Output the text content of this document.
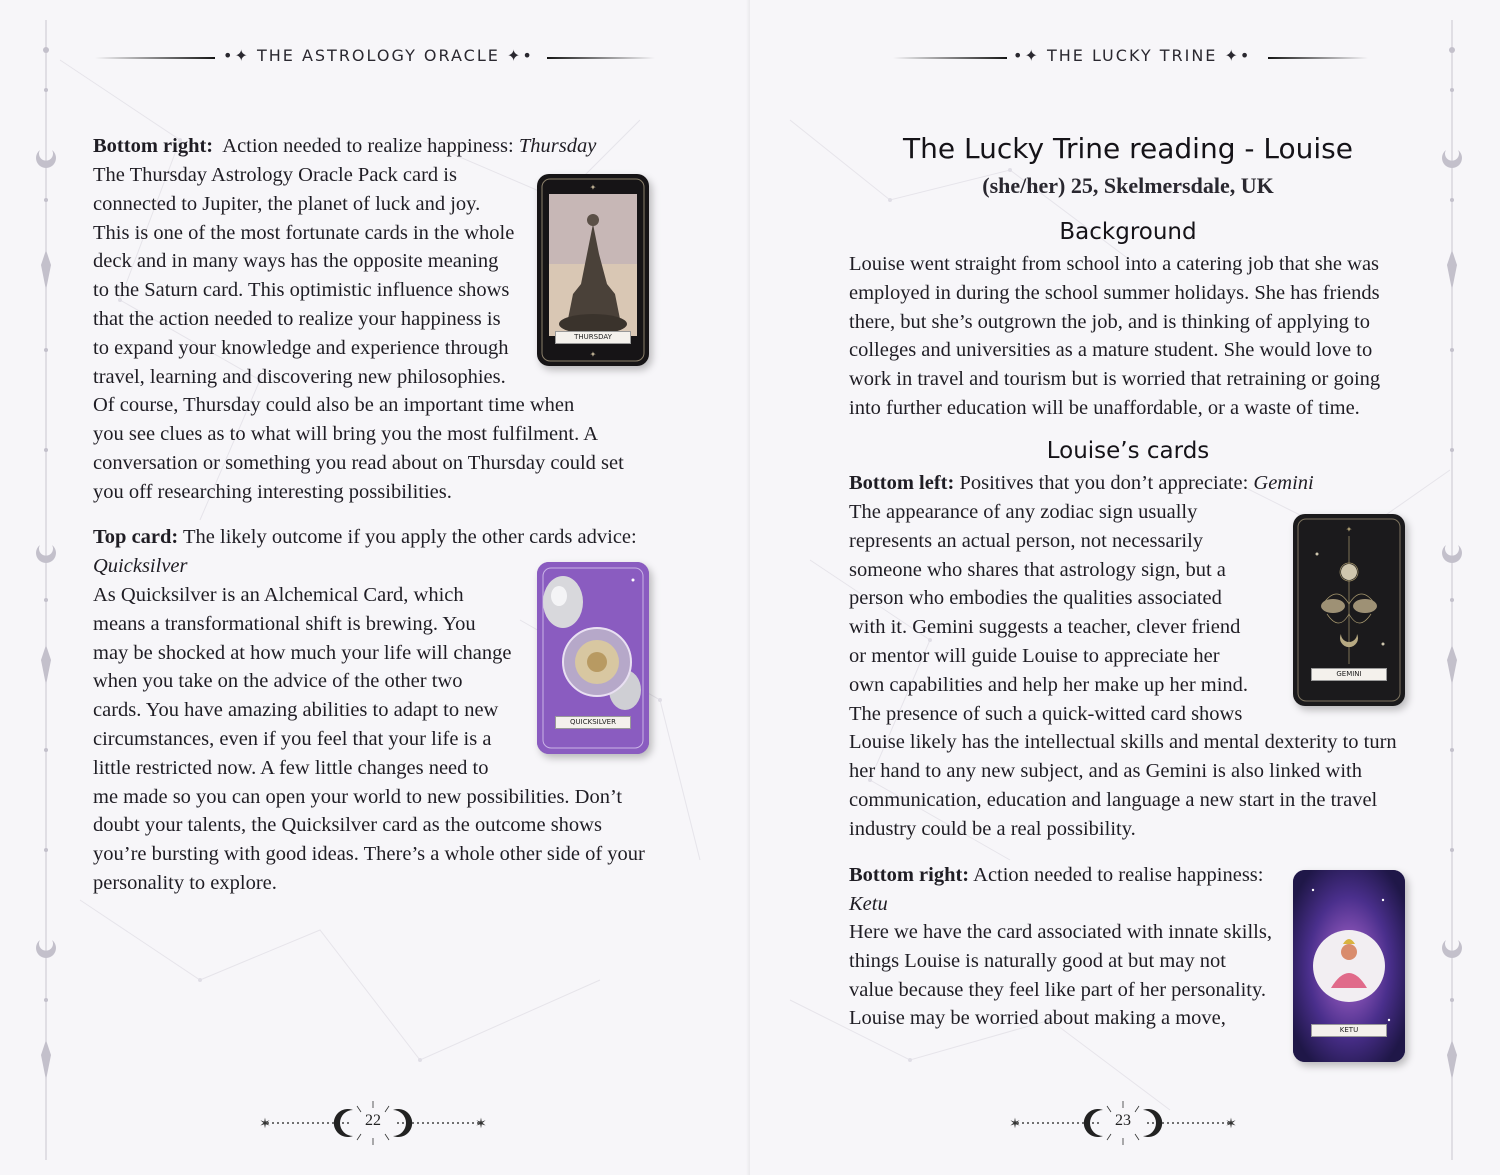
•✦ THE ASTROLOGY ORACLE ✦•
Bottom right: Action needed to realize happiness: Thursday
The Thursday Astrology Oracle Pack card is
connected to Jupiter, the planet of luck and joy.
This is one of the most fortunate cards in the whole
deck and in many ways has the opposite meaning
to the Saturn card. This optimistic influence shows
that the action needed to realize your happiness is
to expand your knowledge and experience through
travel, learning and discovering new philosophies.
Of course, Thursday could also be an important time when
you see clues as to what will bring you the most fulfilment. A
conversation or something you read about on Thursday could set
you off researching interesting possibilities.
✦
✦
THURSDAY
Top card: The likely outcome if you apply the other cards advice:
Quicksilver
As Quicksilver is an Alchemical Card, which
means a transformational shift is brewing. You
may be shocked at how much your life will change
when you take on the advice of the other two
cards. You have amazing abilities to adapt to new
circumstances, even if you feel that your life is a
little restricted now. A few little changes need to
me made so you can open your world to new possibilities. Don’t
doubt your talents, the Quicksilver card as the outcome shows
you’re bursting with good ideas. There’s a whole other side of your
personality to explore.
QUICKSILVER
✶	✶
22
•✦ THE LUCKY TRINE ✦•
The Lucky Trine reading - Louise
(she/her) 25, Skelmersdale, UK
Background
Louise went straight from school into a catering job that she was
employed in during the school summer holidays. She has friends
there, but she’s outgrown the job, and is thinking of applying to
colleges and universities as a mature student. She would love to
work in travel and tourism but is worried that retraining or going
into further education will be unaffordable, or a waste of time.
Louise’s cards
Bottom left: Positives that you don’t appreciate: Gemini
The appearance of any zodiac sign usually
represents an actual person, not necessarily
someone who shares that astrology sign, but a
person who embodies the qualities associated
with it. Gemini suggests a teacher, clever friend
or mentor will guide Louise to appreciate her
own capabilities and help her make up her mind.
The presence of such a quick-witted card shows
Louise likely has the intellectual skills and mental dexterity to turn
her hand to any new subject, and as Gemini is also linked with
communication, education and language a new start in the travel
industry could be a real possibility.
✦
GEMINI
Bottom right: Action needed to realise happiness:
Ketu
Here we have the card associated with innate skills,
things Louise is naturally good at but may not
value because they feel like part of her personality.
Louise may be worried about making a move,
KETU
✶	✶
23
